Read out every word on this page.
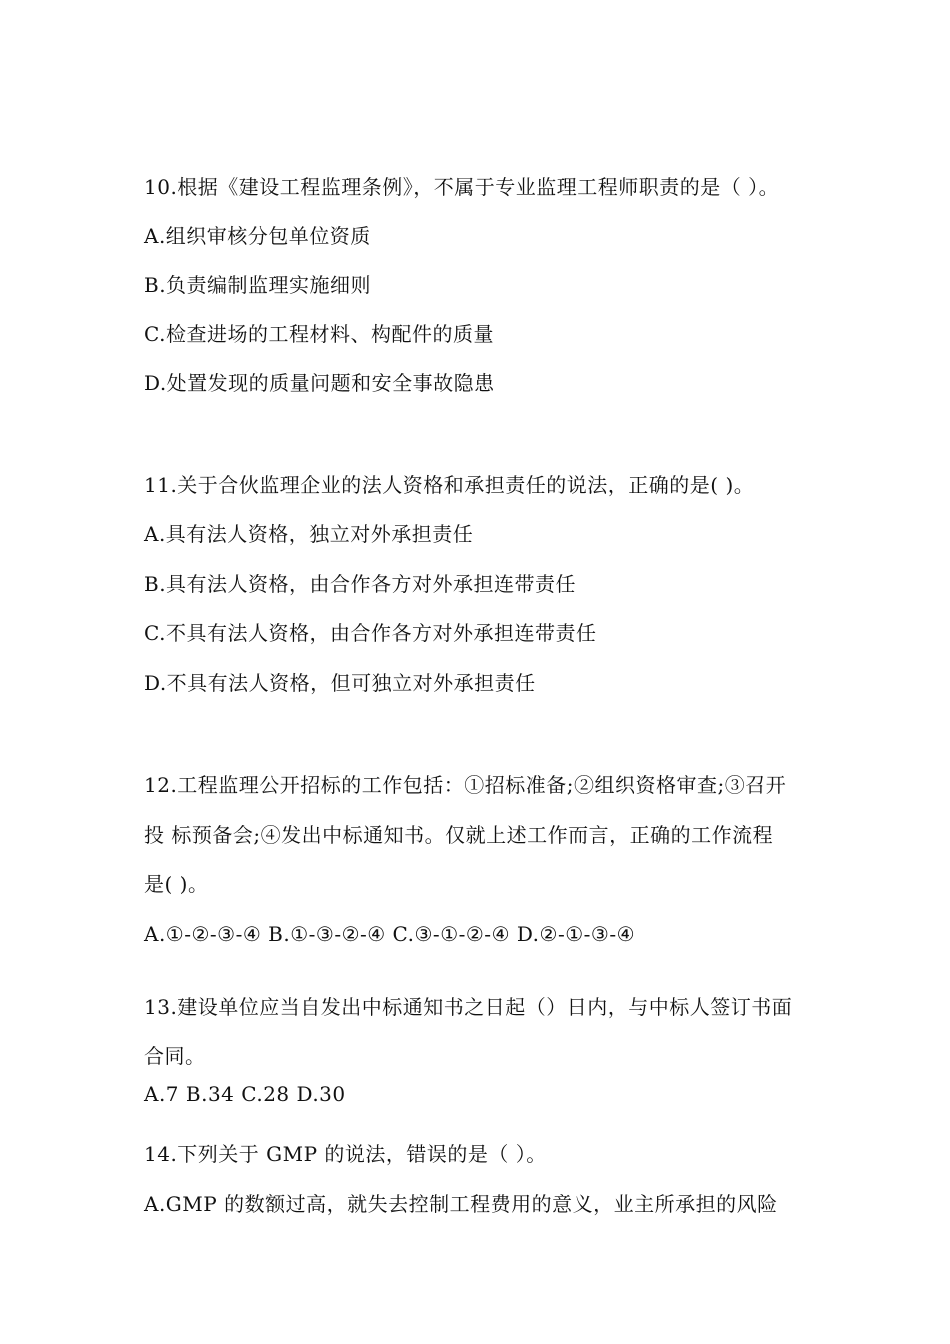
10.根据《建设工程监理条例》，不属于专业监理工程师职责的是（ ）。
A.组织审核分包单位资质
B.负责编制监理实施细则
C.检查进场的工程材料、构配件的质量
D.处置发现的质量问题和安全事故隐患
11.关于合伙监理企业的法人资格和承担责任的说法，正确的是( )。
A.具有法人资格，独立对外承担责任
B.具有法人资格，由合作各方对外承担连带责任
C.不具有法人资格，由合作各方对外承担连带责任
D.不具有法人资格，但可独立对外承担责任
12.工程监理公开招标的工作包括：①招标准备;②组织资格审查;③召开
投 标预备会;④发出中标通知书。仅就上述工作而言，正确的工作流程
是( )。
A.①-②-③-④ B.①-③-②-④ C.③-①-②-④ D.②-①-③-④
13.建设单位应当自发出中标通知书之日起（）日内，与中标人签订书面
合同。
A.7 B.34 C.28 D.30
14.下列关于 GMP 的说法，错误的是（ ）。
A.GMP 的数额过高，就失去控制工程费用的意义，业主所承担的风险
